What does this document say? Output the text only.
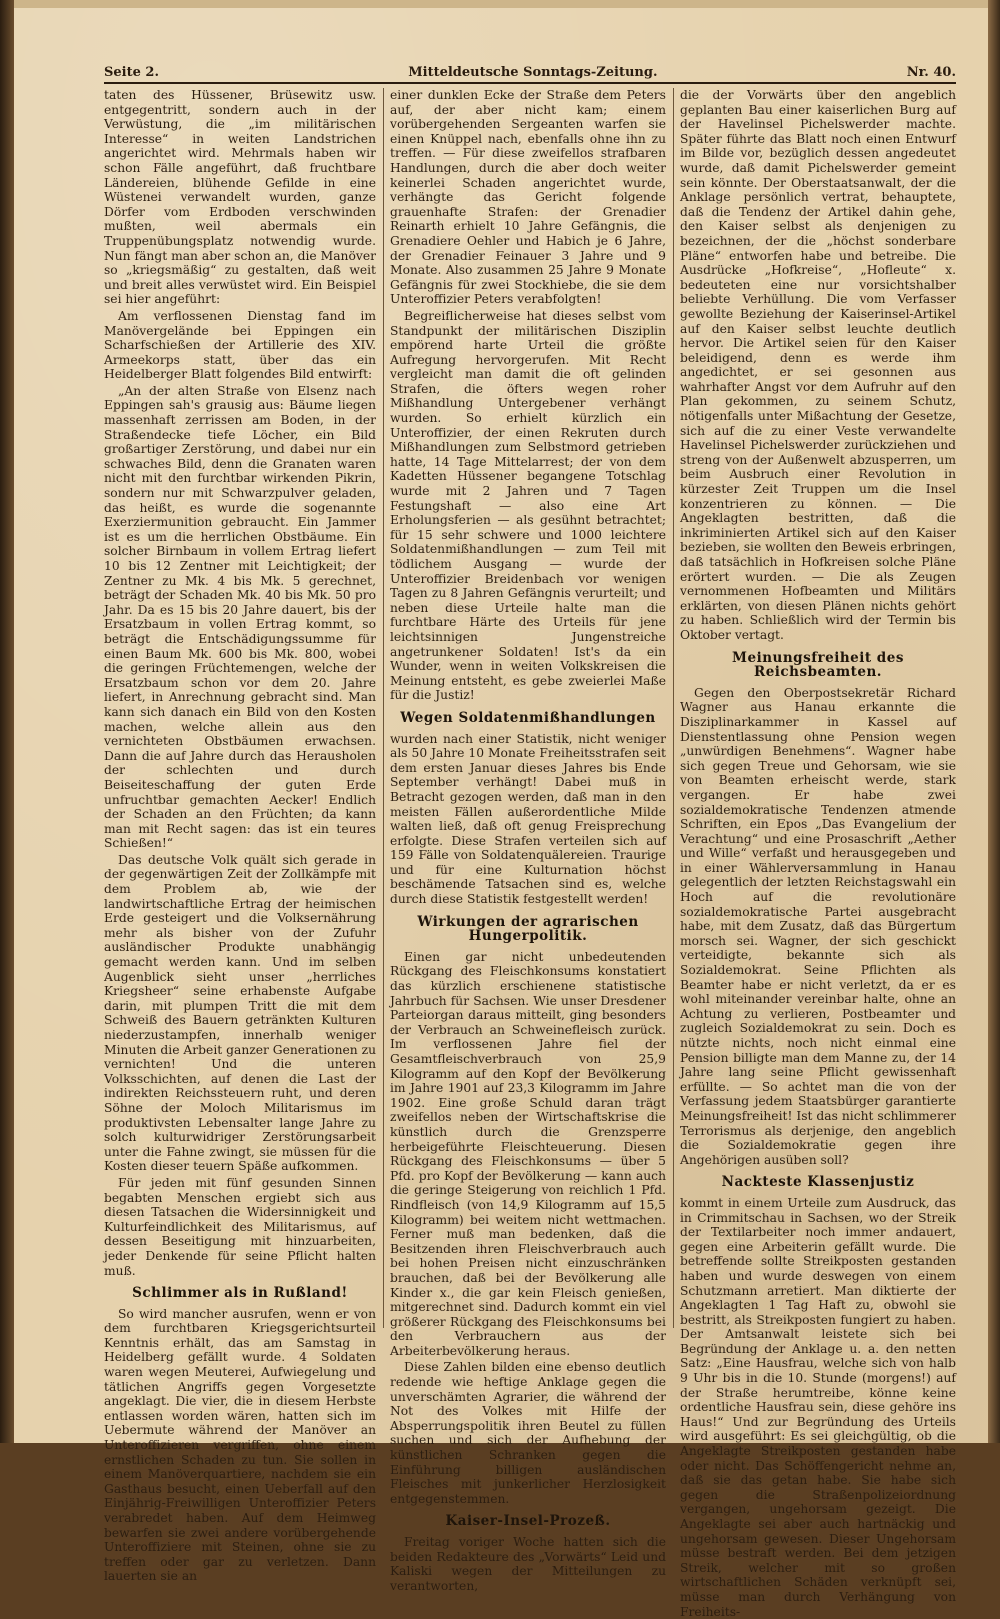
Seite 2.	Mitteldeutsche Sonntags-Zeitung.	Nr. 40.

taten des Hüssener, Brüsewitz usw. entgegentritt, sondern auch in der Verwüstung, die „im militärischen Interesse“ in weiten Landstrichen angerichtet wird. Mehrmals haben wir schon Fälle angeführt, daß fruchtbare Ländereien, blühende Gefilde in eine Wüstenei verwandelt wurden, ganze Dörfer vom Erdboden verschwinden mußten, weil abermals ein Truppenübungsplatz notwendig wurde. Nun fängt man aber schon an, die Manöver so „kriegsmäßig“ zu gestalten, daß weit und breit alles verwüstet wird. Ein Beispiel sei hier angeführt:

Am verflossenen Dienstag fand im Manövergelände bei Eppingen ein Scharfschießen der Artillerie des XIV. Armeekorps statt, über das ein Heidelberger Blatt folgendes Bild entwirft:

„An der alten Straße von Elsenz nach Eppingen sah's grausig aus: Bäume liegen massenhaft zerrissen am Boden, in der Straßendecke tiefe Löcher, ein Bild großartiger Zerstörung, und dabei nur ein schwaches Bild, denn die Granaten waren nicht mit den furchtbar wirkenden Pikrin, sondern nur mit Schwarzpulver geladen, das heißt, es wurde die sogenannte Exerziermunition gebraucht. Ein Jammer ist es um die herrlichen Obstbäume. Ein solcher Birnbaum in vollem Ertrag liefert 10 bis 12 Zentner mit Leichtigkeit; der Zentner zu Mk. 4 bis Mk. 5 gerechnet, beträgt der Schaden Mk. 40 bis Mk. 50 pro Jahr. Da es 15 bis 20 Jahre dauert, bis der Ersatzbaum in vollen Ertrag kommt, so beträgt die Entschädigungssumme für einen Baum Mk. 600 bis Mk. 800, wobei die geringen Früchtemengen, welche der Ersatzbaum schon vor dem 20. Jahre liefert, in Anrechnung gebracht sind. Man kann sich danach ein Bild von den Kosten machen, welche allein aus den vernichteten Obstbäumen erwachsen. Dann die auf Jahre durch das Herausholen der schlechten und durch Beiseiteschaffung der guten Erde unfruchtbar gemachten Aecker! Endlich der Schaden an den Früchten; da kann man mit Recht sagen: das ist ein teures Schießen!“

Das deutsche Volk quält sich gerade in der gegenwärtigen Zeit der Zollkämpfe mit dem Problem ab, wie der landwirtschaftliche Ertrag der heimischen Erde gesteigert und die Volksernährung mehr als bisher von der Zufuhr ausländischer Produkte unabhängig gemacht werden kann. Und im selben Augenblick sieht unser „herrliches Kriegsheer“ seine erhabenste Aufgabe darin, mit plumpen Tritt die mit dem Schweiß des Bauern getränkten Kulturen niederzustampfen, innerhalb weniger Minuten die Arbeit ganzer Generationen zu vernichten! Und die unteren Volksschichten, auf denen die Last der indirekten Reichssteuern ruht, und deren Söhne der Moloch Militarismus im produktivsten Lebensalter lange Jahre zu solch kulturwidriger Zerstörungsarbeit unter die Fahne zwingt, sie müssen für die Kosten dieser teuern Späße aufkommen.

Für jeden mit fünf gesunden Sinnen begabten Menschen ergiebt sich aus diesen Tatsachen die Widersinnigkeit und Kulturfeindlichkeit des Militarismus, auf dessen Beseitigung mit hinzuarbeiten, jeder Denkende für seine Pflicht halten muß.

Schlimmer als in Rußland!

So wird mancher ausrufen, wenn er von dem furchtbaren Kriegsgerichtsurteil Kenntnis erhält, das am Samstag in Heidelberg gefällt wurde. 4 Soldaten waren wegen Meuterei, Aufwiegelung und tätlichen Angriffs gegen Vorgesetzte angeklagt. Die vier, die in diesem Herbste entlassen worden wären, hatten sich im Uebermute während der Manöver an Unteroffizieren vergriffen, ohne einem ernstlichen Schaden zu tun. Sie sollen in einem Manöverquartiere, nachdem sie ein Gasthaus besucht, einen Ueberfall auf den Einjährig-Freiwilligen Unteroffizier Peters verabredet haben. Auf dem Heimweg bewarfen sie zwei andere vorübergehende Unteroffiziere mit Steinen, ohne sie zu treffen oder gar zu verletzen. Dann lauerten sie an

einer dunklen Ecke der Straße dem Peters auf, der aber nicht kam; einem vorübergehenden Sergeanten warfen sie einen Knüppel nach, ebenfalls ohne ihn zu treffen. — Für diese zweifellos strafbaren Handlungen, durch die aber doch weiter keinerlei Schaden angerichtet wurde, verhängte das Gericht folgende grauenhafte Strafen: der Grenadier Reinarth erhielt 10 Jahre Gefängnis, die Grenadiere Oehler und Habich je 6 Jahre, der Grenadier Feinauer 3 Jahre und 9 Monate. Also zusammen 25 Jahre 9 Monate Gefängnis für zwei Stockhiebe, die sie dem Unteroffizier Peters verabfolgten!

Begreiflicherweise hat dieses selbst vom Standpunkt der militärischen Disziplin empörend harte Urteil die größte Aufregung hervorgerufen. Mit Recht vergleicht man damit die oft gelinden Strafen, die öfters wegen roher Mißhandlung Untergebener verhängt wurden. So erhielt kürzlich ein Unteroffizier, der einen Rekruten durch Mißhandlungen zum Selbstmord getrieben hatte, 14 Tage Mittelarrest; der von dem Kadetten Hüssener begangene Totschlag wurde mit 2 Jahren und 7 Tagen Festungshaft — also eine Art Erholungsferien — als gesühnt betrachtet; für 15 sehr schwere und 1000 leichtere Soldatenmißhandlungen — zum Teil mit tödlichem Ausgang — wurde der Unteroffizier Breidenbach vor wenigen Tagen zu 8 Jahren Gefängnis verurteilt; und neben diese Urteile halte man die furchtbare Härte des Urteils für jene leichtsinnigen Jungenstreiche angetrunkener Soldaten! Ist's da ein Wunder, wenn in weiten Volkskreisen die Meinung entsteht, es gebe zweierlei Maße für die Justiz!

Wegen Soldatenmißhandlungen

wurden nach einer Statistik, nicht weniger als 50 Jahre 10 Monate Freiheitsstrafen seit dem ersten Januar dieses Jahres bis Ende September verhängt! Dabei muß in Betracht gezogen werden, daß man in den meisten Fällen außerordentliche Milde walten ließ, daß oft genug Freisprechung erfolgte. Diese Strafen verteilen sich auf 159 Fälle von Soldatenquälereien. Traurige und für eine Kulturnation höchst beschämende Tatsachen sind es, welche durch diese Statistik festgestellt werden!

Wirkungen der agrarischen Hungerpolitik.

Einen gar nicht unbedeutenden Rückgang des Fleischkonsums konstatiert das kürzlich erschienene statistische Jahrbuch für Sachsen. Wie unser Dresdener Parteiorgan daraus mitteilt, ging besonders der Verbrauch an Schweinefleisch zurück. Im verflossenen Jahre fiel der Gesamtfleischverbrauch von 25,9 Kilogramm auf den Kopf der Bevölkerung im Jahre 1901 auf 23,3 Kilogramm im Jahre 1902. Eine große Schuld daran trägt zweifellos neben der Wirtschaftskrise die künstlich durch die Grenzsperre herbeigeführte Fleischteuerung. Diesen Rückgang des Fleischkonsums — über 5 Pfd. pro Kopf der Bevölkerung — kann auch die geringe Steigerung von reichlich 1 Pfd. Rindfleisch (von 14,9 Kilogramm auf 15,5 Kilogramm) bei weitem nicht wettmachen. Ferner muß man bedenken, daß die Besitzenden ihren Fleischverbrauch auch bei hohen Preisen nicht einzuschränken brauchen, daß bei der Bevölkerung alle Kinder x., die gar kein Fleisch genießen, mitgerechnet sind. Dadurch kommt ein viel größerer Rückgang des Fleischkonsums bei den Verbrauchern aus der Arbeiterbevölkerung heraus.

Diese Zahlen bilden eine ebenso deutlich redende wie heftige Anklage gegen die unverschämten Agrarier, die während der Not des Volkes mit Hilfe der Absperrungspolitik ihren Beutel zu füllen suchen und sich der Aufhebung der künstlichen Schranken gegen die Einführung billigen ausländischen Fleisches mit junkerlicher Herzlosigkeit entgegenstemmen.

Kaiser-Insel-Prozeß.

Freitag voriger Woche hatten sich die beiden Redakteure des „Vorwärts“ Leid und Kaliski wegen der Mitteilungen zu verantworten,

die der Vorwärts über den angeblich geplanten Bau einer kaiserlichen Burg auf der Havelinsel Pichelswerder machte. Später führte das Blatt noch einen Entwurf im Bilde vor, bezüglich dessen angedeutet wurde, daß damit Pichelswerder gemeint sein könnte. Der Oberstaatsanwalt, der die Anklage persönlich vertrat, behauptete, daß die Tendenz der Artikel dahin gehe, den Kaiser selbst als denjenigen zu bezeichnen, der die „höchst sonderbare Pläne“ entworfen habe und betreibe. Die Ausdrücke „Hofkreise“, „Hofleute“ x. bedeuteten eine nur vorsichtshalber beliebte Verhüllung. Die vom Verfasser gewollte Beziehung der Kaiserinsel-Artikel auf den Kaiser selbst leuchte deutlich hervor. Die Artikel seien für den Kaiser beleidigend, denn es werde ihm angedichtet, er sei gesonnen aus wahrhafter Angst vor dem Aufruhr auf den Plan gekommen, zu seinem Schutz, nötigenfalls unter Mißachtung der Gesetze, sich auf die zu einer Veste verwandelte Havelinsel Pichelswerder zurückziehen und streng von der Außenwelt abzusperren, um beim Ausbruch einer Revolution in kürzester Zeit Truppen um die Insel konzentrieren zu können. — Die Angeklagten bestritten, daß die inkriminierten Artikel sich auf den Kaiser bezieben, sie wollten den Beweis erbringen, daß tatsächlich in Hofkreisen solche Pläne erörtert wurden. — Die als Zeugen vernommenen Hofbeamten und Militärs erklärten, von diesen Plänen nichts gehört zu haben. Schließlich wird der Termin bis Oktober vertagt.

Meinungsfreiheit des Reichsbeamten.

Gegen den Oberpostsekretär Richard Wagner aus Hanau erkannte die Disziplinarkammer in Kassel auf Dienstentlassung ohne Pension wegen „unwürdigen Benehmens“. Wagner habe sich gegen Treue und Gehorsam, wie sie von Beamten erheischt werde, stark vergangen. Er habe zwei sozialdemokratische Tendenzen atmende Schriften, ein Epos „Das Evangelium der Verachtung“ und eine Prosaschrift „Aether und Wille“ verfaßt und herausgegeben und in einer Wählerversammlung in Hanau gelegentlich der letzten Reichstagswahl ein Hoch auf die revolutionäre sozialdemokratische Partei ausgebracht habe, mit dem Zusatz, daß das Bürgertum morsch sei. Wagner, der sich geschickt verteidigte, bekannte sich als Sozialdemokrat. Seine Pflichten als Beamter habe er nicht verletzt, da er es wohl miteinander vereinbar halte, ohne an Achtung zu verlieren, Postbeamter und zugleich Sozialdemokrat zu sein. Doch es nützte nichts, noch nicht einmal eine Pension billigte man dem Manne zu, der 14 Jahre lang seine Pflicht gewissenhaft erfüllte. — So achtet man die von der Verfassung jedem Staatsbürger garantierte Meinungsfreiheit! Ist das nicht schlimmerer Terrorismus als derjenige, den angeblich die Sozialdemokratie gegen ihre Angehörigen ausüben soll?

Nackteste Klassenjustiz

kommt in einem Urteile zum Ausdruck, das in Crimmitschau in Sachsen, wo der Streik der Textilarbeiter noch immer andauert, gegen eine Arbeiterin gefällt wurde. Die betreffende sollte Streikposten gestanden haben und wurde deswegen von einem Schutzmann arretiert. Man diktierte der Angeklagten 1 Tag Haft zu, obwohl sie bestritt, als Streikposten fungiert zu haben. Der Amtsanwalt leistete sich bei Begründung der Anklage u. a. den netten Satz: „Eine Hausfrau, welche sich von halb 9 Uhr bis in die 10. Stunde (morgens!) auf der Straße herumtreibe, könne keine ordentliche Hausfrau sein, diese gehöre ins Haus!“ Und zur Begründung des Urteils wird ausgeführt: Es sei gleichgültig, ob die Angeklagte Streikposten gestanden habe oder nicht. Das Schöffengericht nehme an, daß sie das getan habe. Sie habe sich gegen die Straßenpolizeiordnung vergangen, ungehorsam gezeigt. Die Angeklagte sei aber auch hartnäckig und ungehorsam gewesen. Dieser Ungehorsam müsse bestraft werden. Bei dem jetzigen Streik, welcher mit so großen wirtschaftlichen Schäden verknüpft sei, müsse man durch Verhängung von Freiheits-
